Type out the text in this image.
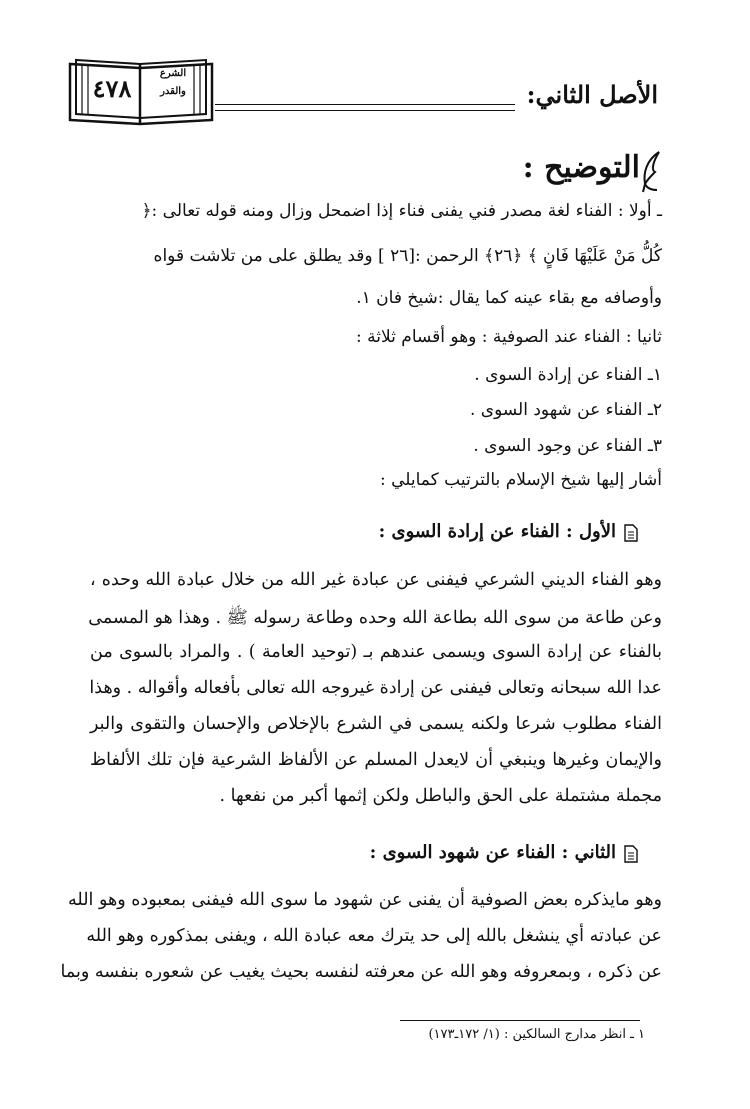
الأصل الثاني:
٤٧٨
الشرع
والقدر
التوضيح :
ـ أولا : الفناء لغة مصدر فني يفنى فناء إذا اضمحل وزال ومنه قوله تعالى :﴿
كُلُّ مَنْ عَلَيْهَا فَانٍ ﴾ ﴿٢٦﴾ الرحمن :[٢٦ ] وقد يطلق على من تلاشت قواه
وأوصافه مع بقاء عينه كما يقال :شيخ فان ١.
ثانيا : الفناء عند الصوفية : وهو أقسام ثلاثة :
١ـ الفناء عن إرادة السوى .
٢ـ الفناء عن شهود السوى .
٣ـ الفناء عن وجود السوى .
أشار إليها شيخ الإسلام بالترتيب كمايلي :
الأول : الفناء عن إرادة السوى :
وهو الفناء الديني الشرعي فيفنى عن عبادة غير الله من خلال عبادة الله وحده ،
وعن طاعة من سوى الله بطاعة الله وحده وطاعة رسوله ﷺ . وهذا هو المسمى
بالفناء عن إرادة السوى ويسمى عندهم بـ (توحيد العامة ) . والمراد بالسوى من
عدا الله سبحانه وتعالى فيفنى عن إرادة غيروجه الله تعالى بأفعاله وأقواله . وهذا
الفناء مطلوب شرعا ولكنه يسمى في الشرع بالإخلاص والإحسان والتقوى والبر
والإيمان وغيرها وينبغي أن لايعدل المسلم عن الألفاظ الشرعية فإن تلك الألفاظ
مجملة مشتملة على الحق والباطل ولكن إثمها أكبر من نفعها .
الثاني : الفناء عن شهود السوى :
وهو مايذكره بعض الصوفية أن يفنى عن شهود ما سوى الله فيفنى بمعبوده وهو الله
عن عبادته أي ينشغل بالله إلى حد يترك معه عبادة الله ، ويفنى بمذكوره وهو الله
عن ذكره ، وبمعروفه وهو الله عن معرفته لنفسه بحيث يغيب عن شعوره بنفسه وبما
١ ـ انظر مدارج السالكين : (١/ ١٧٢ـ١٧٣)
